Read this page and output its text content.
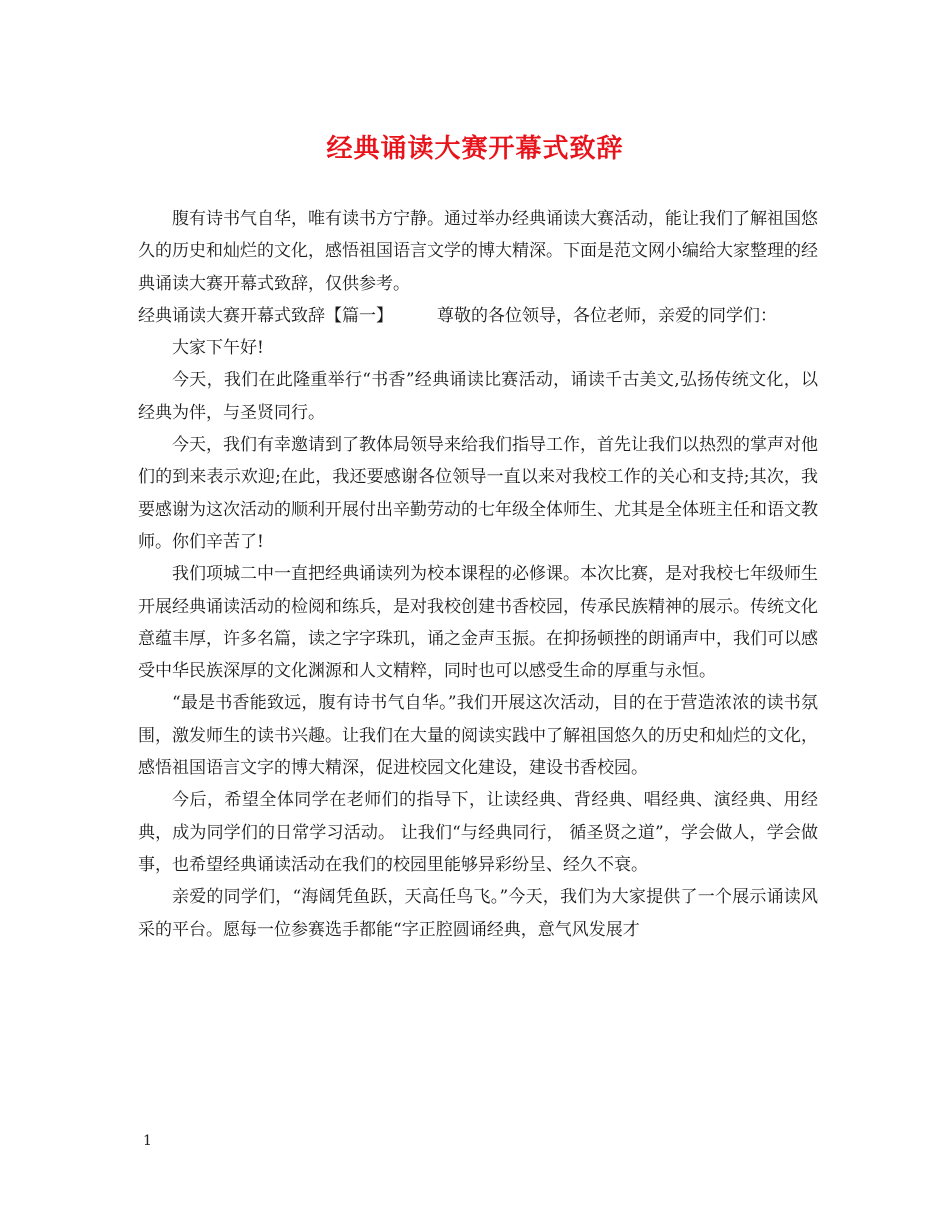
经典诵读大赛开幕式致辞

腹有诗书气自华，唯有读书方宁静。通过举办经典诵读大赛活动，能让我们了解祖国悠久的历史和灿烂的文化，感悟祖国语言文学的博大精深。下面是范文网小编给大家整理的经典诵读大赛开幕式致辞，仅供参考。

经典诵读大赛开幕式致辞【篇一】	尊敬的各位领导，各位老师，亲爱的同学们：

大家下午好!

今天，我们在此隆重举行“书香”经典诵读比赛活动，诵读千古美文,弘扬传统文化，以经典为伴，与圣贤同行。

今天，我们有幸邀请到了教体局领导来给我们指导工作，首先让我们以热烈的掌声对他们的到来表示欢迎;在此，我还要感谢各位领导一直以来对我校工作的关心和支持;其次，我要感谢为这次活动的顺利开展付出辛勤劳动的七年级全体师生、尤其是全体班主任和语文教师。你们辛苦了!

我们项城二中一直把经典诵读列为校本课程的必修课。本次比赛，是对我校七年级师生开展经典诵读活动的检阅和练兵，是对我校创建书香校园，传承民族精神的展示。传统文化意蕴丰厚，许多名篇，读之字字珠玑，诵之金声玉振。在抑扬顿挫的朗诵声中，我们可以感受中华民族深厚的文化渊源和人文精粹，同时也可以感受生命的厚重与永恒。

“最是书香能致远，腹有诗书气自华。”我们开展这次活动，目的在于营造浓浓的读书氛围，激发师生的读书兴趣。让我们在大量的阅读实践中了解祖国悠久的历史和灿烂的文化，感悟祖国语言文字的博大精深，促进校园文化建设，建设书香校园。

今后，希望全体同学在老师们的指导下，让读经典、背经典、唱经典、演经典、用经典，成为同学们的日常学习活动。 让我们“与经典同行， 循圣贤之道”，学会做人，学会做事，也希望经典诵读活动在我们的校园里能够异彩纷呈、经久不衰。

亲爱的同学们，“海阔凭鱼跃，天高任鸟飞。”今天，我们为大家提供了一个展示诵读风采的平台。愿每一位参赛选手都能“字正腔圆诵经典，意气风发展才

1
